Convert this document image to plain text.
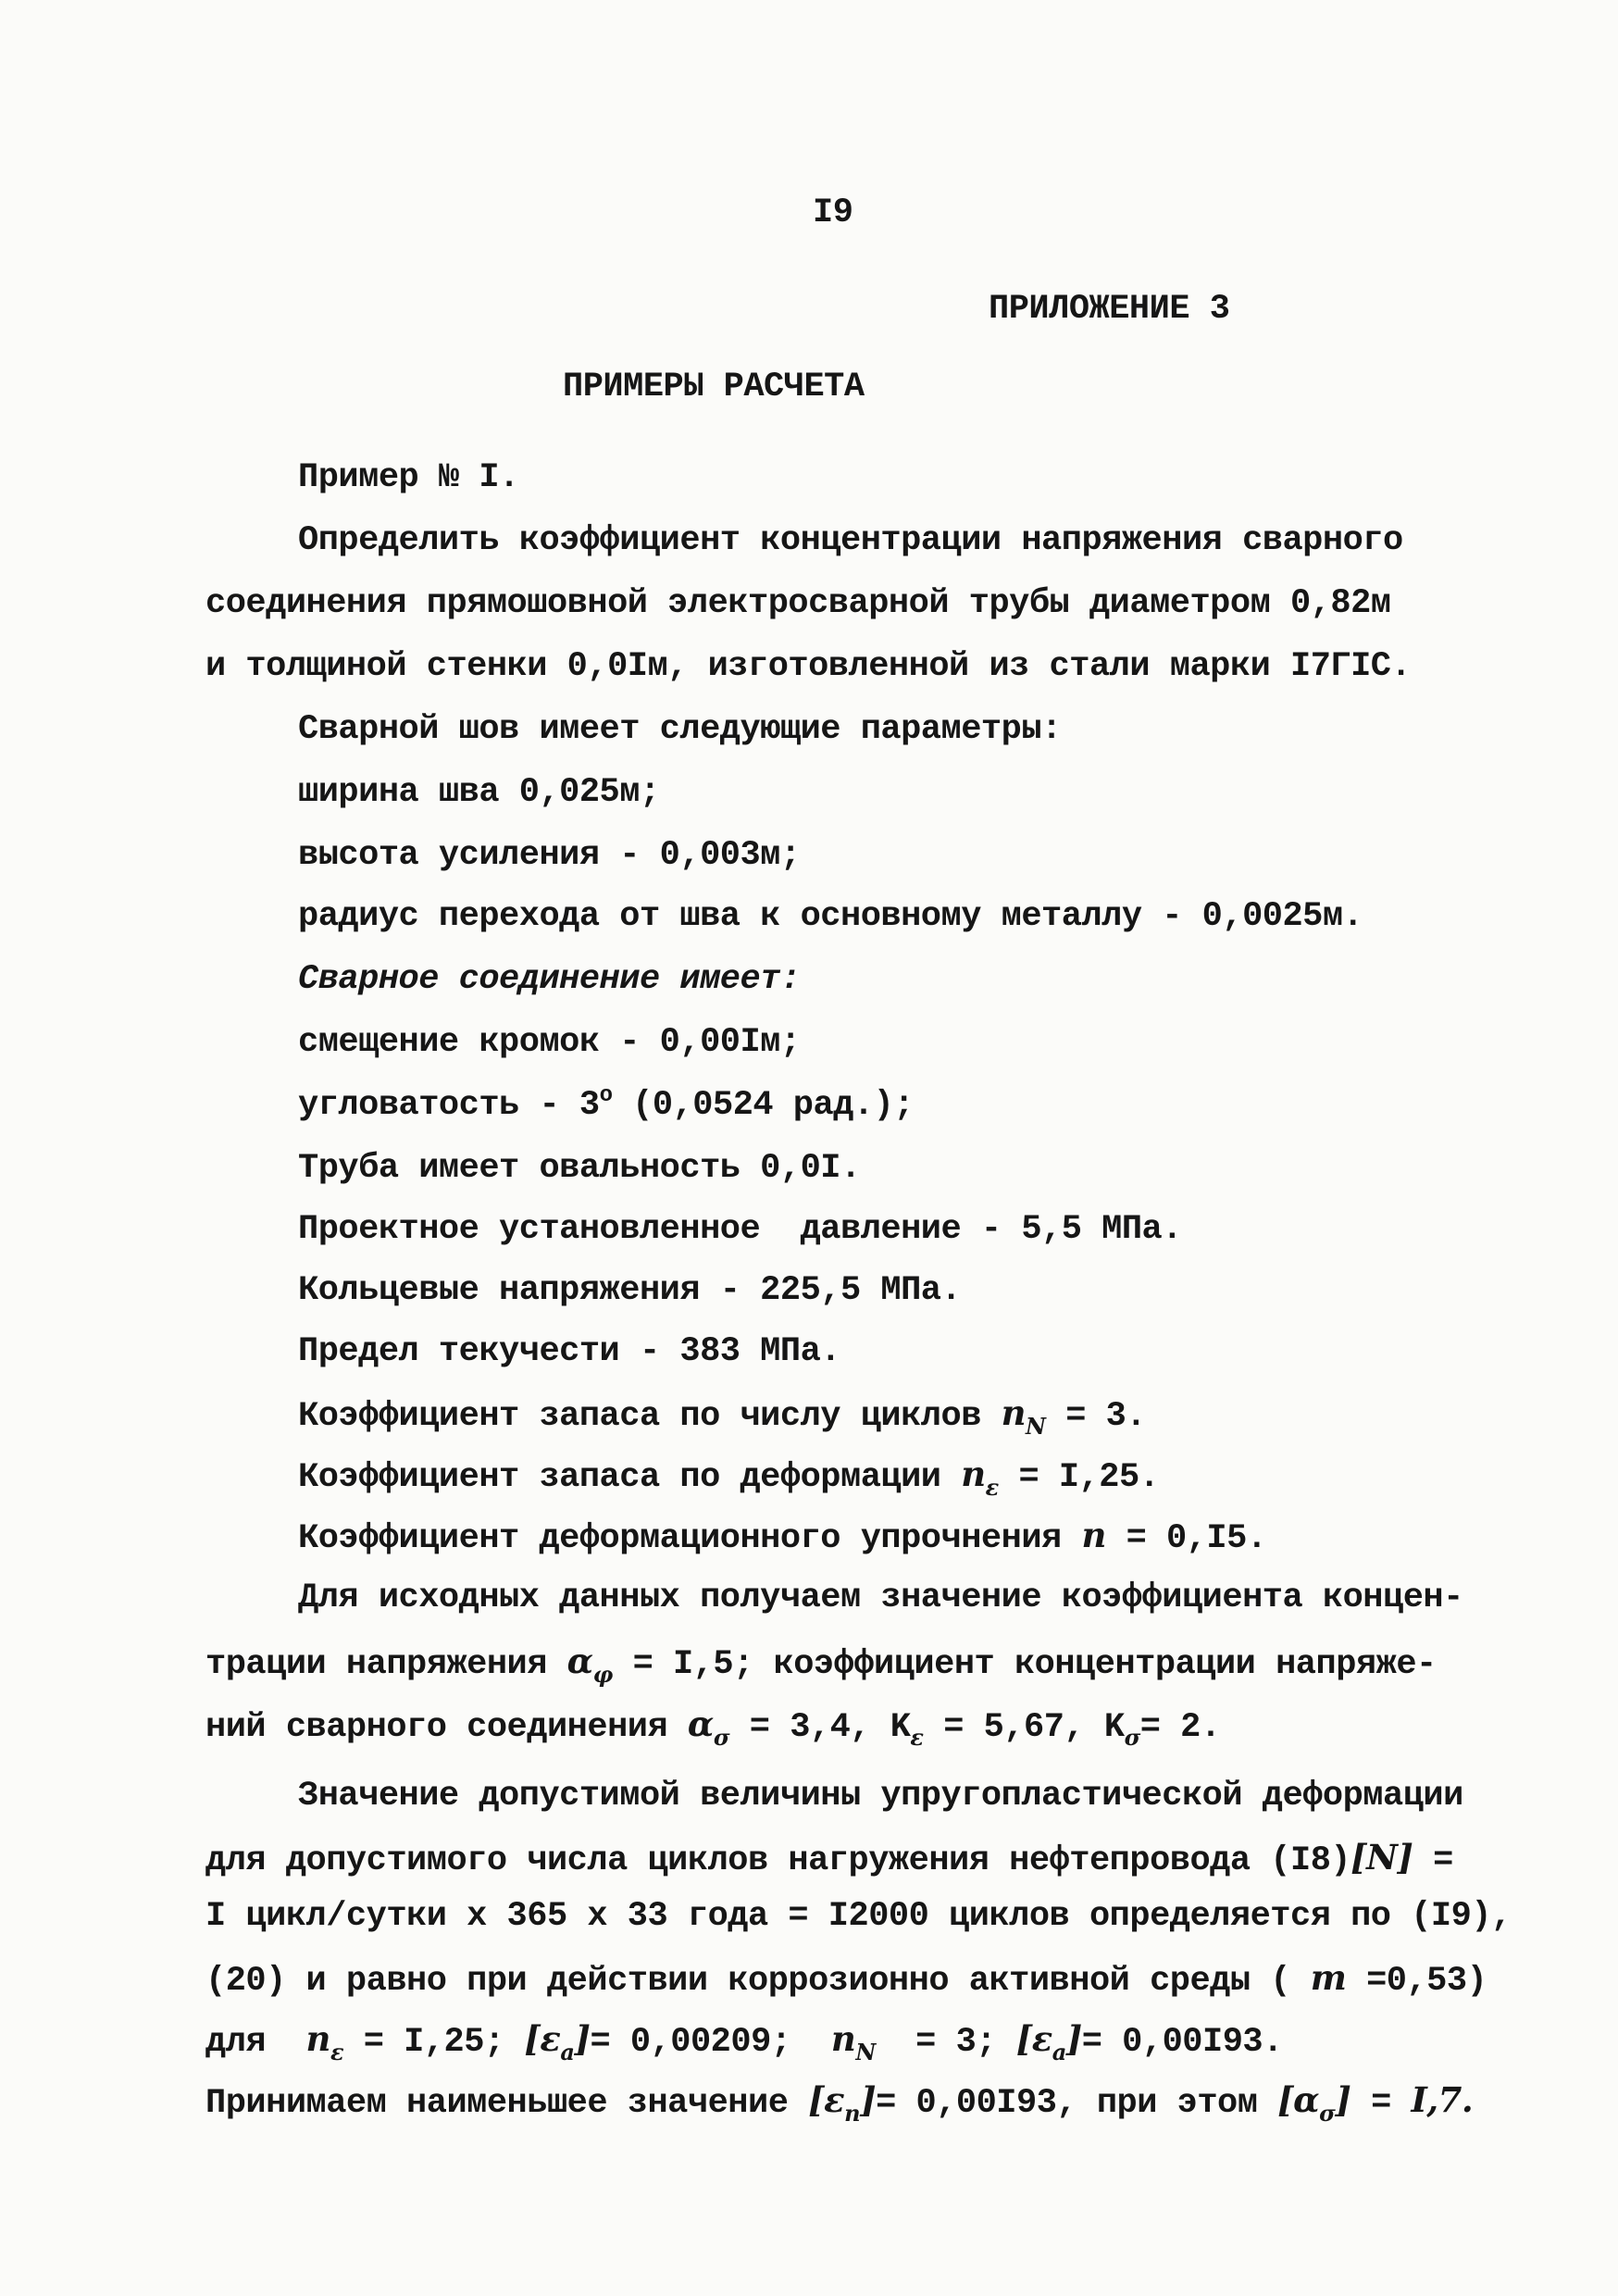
I9
ПРИЛОЖЕНИЕ 3
ПРИМЕРЫ РАСЧЕТА
Пример № I.
Определить коэффициент концентрации напряжения сварного
соединения прямошовной электросварной трубы диаметром 0,82м
и толщиной стенки 0,0Iм, изготовленной из стали марки I7ГIC.
Сварной шов имеет следующие параметры:
ширина шва 0,025м;
высота усиления - 0,003м;
радиус перехода от шва к основному металлу - 0,0025м.
Сварное соединение имеет:
смещение кромок - 0,00Iм;
угловатость - 3$^o$ (0,0524 рад.);
Труба имеет овальность 0,0I.
Проектное установленное  давление - 5,5 МПа.
Кольцевые напряжения - 225,5 МПа.
Предел текучести - 383 МПа.
Коэффициент запаса по числу циклов $n_N = 3$.
Коэффициент запаса по деформации $n_\varepsilon = I,25$.
Коэффициент деформационного упрочнения n = 0,I5.
Для исходных данных получаем значение коэффициента концен-
трации напряжения $\alpha_\varphi = I,5$; коэффициент концентрации напряже-
ний сварного соединения $\alpha_\sigma = 3,4$, $K_\varepsilon = 5,67$, $K_\sigma= 2$.
Значение допустимой величины упругопластической деформации
для допустимого числа циклов нагружения нефтепровода (I8)[N] =
I цикл/сутки x 365 x 33 года = I2000 циклов определяется по (I9),
(20) и равно при действии коррозионно активной среды ( m =0,53)
для  $n_\varepsilon = I,25$; $[\varepsilon_a]= 0,00209$;  $n_N = 3$; $[\varepsilon_a]= 0,00I93$.
Принимаем наименьшее значение $[\varepsilon_n]= 0,00I93$, при этом $[\alpha_\sigma] = I,7$.
